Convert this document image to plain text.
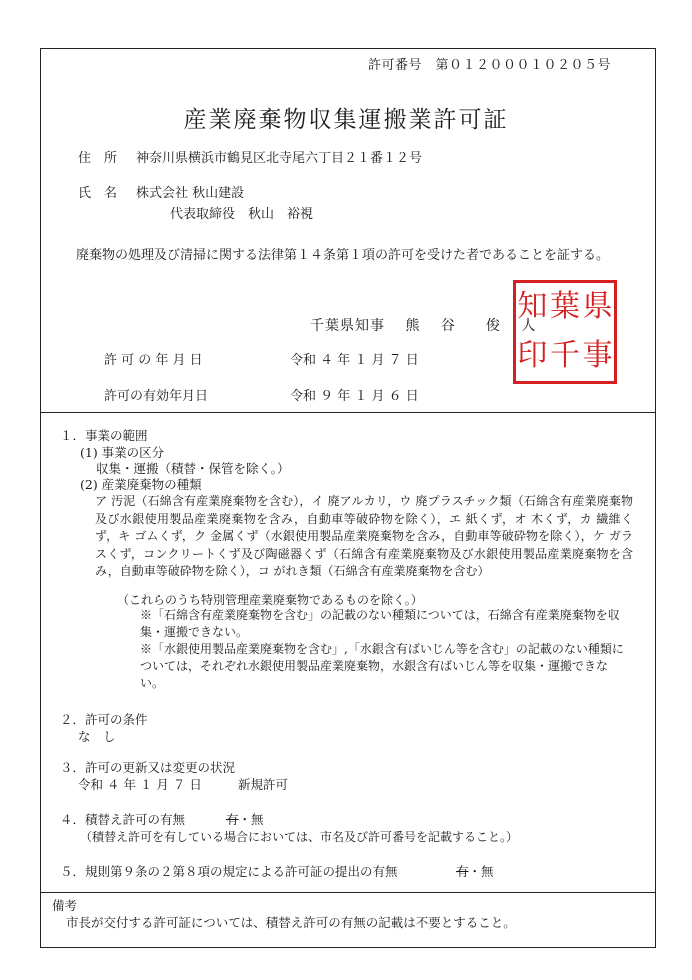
許可番号　第０１２０００１０２０５号
産業廃棄物収集運搬業許可証
住　所 神奈川県横浜市鶴見区北寺尾六丁目２１番１２号
氏　名 株式会社 秋山建設
代表取締役　秋山　裕視
廃棄物の処理及び清掃に関する法律第１４条第１項の許可を受けた者であることを証する。
千葉県知事　 熊　 谷　　俊　 人
知 葉 県
印 千 事
許 可 の 年 月 日	令和 ４ 年 １ 月 ７ 日
許可の有効年月日	令和 ９ 年 １ 月 ６ 日
１．事業の範囲
(1) 事業の区分
収集・運搬（積替・保管を除く。）
(2) 産業廃棄物の種類
ア 汚泥（石綿含有産業廃棄物を含む），イ 廃アルカリ，ウ 廃プラスチック類（石綿含有産業廃棄物及び水銀使用製品産業廃棄物を含み，自動車等破砕物を除く），エ 紙くず，オ 木くず，カ 繊維くず，キ ゴムくず，ク 金属くず（水銀使用製品産業廃棄物を含み，自動車等破砕物を除く），ケ ガラスくず，コンクリートくず及び陶磁器くず（石綿含有産業廃棄物及び水銀使用製品産業廃棄物を含み，自動車等破砕物を除く），コ がれき類（石綿含有産業廃棄物を含む）
（これらのうち特別管理産業廃棄物であるものを除く。）
※「石綿含有産業廃棄物を含む」の記載のない種類については，石綿含有産業廃棄物を収集・運搬できない。
※「水銀使用製品産業廃棄物を含む」,「水銀含有ばいじん等を含む」の記載のない種類については，それぞれ水銀使用製品産業廃棄物，水銀含有ばいじん等を収集・運搬できない。
２．許可の条件
な　し
３．許可の更新又は変更の状況
令和 ４ 年 １ 月 ７ 日	新規許可
４．積替え許可の有無	有・無
（積替え許可を有している場合においては、市名及び許可番号を記載すること。）
５．規則第９条の２第８項の規定による許可証の提出の有無	有・無
備考
市長が交付する許可証については、積替え許可の有無の記載は不要とすること。
